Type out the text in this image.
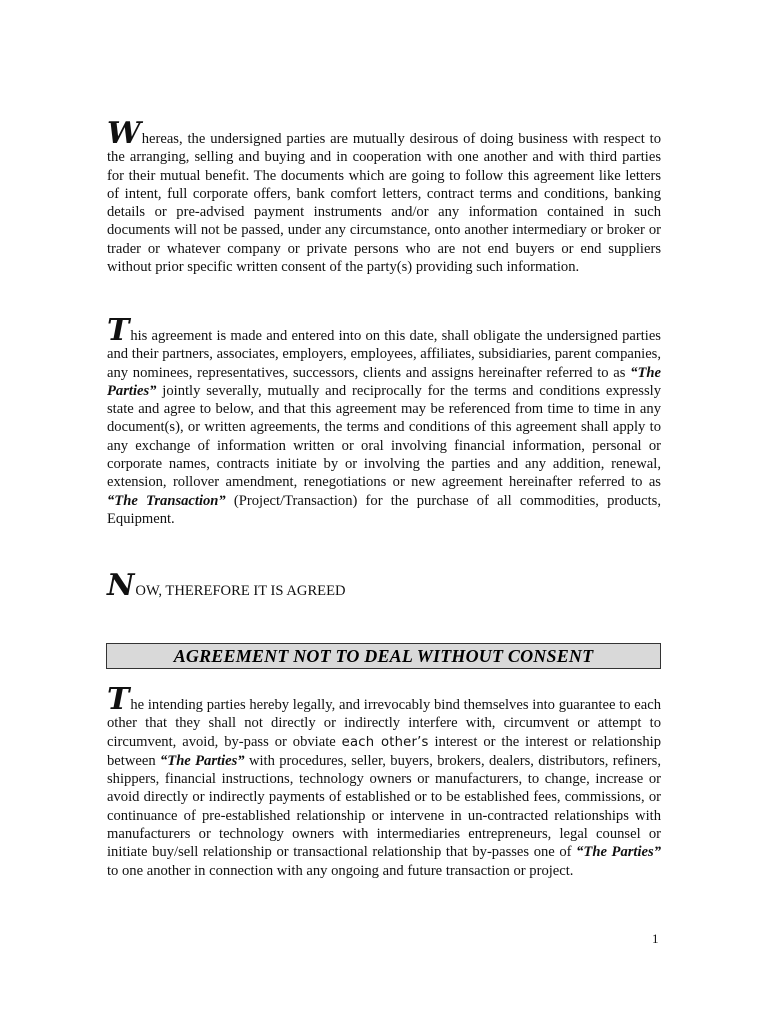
Whereas, the undersigned parties are mutually desirous of doing business with respect to the arranging, selling and buying and in cooperation with one another and with third parties for their mutual benefit. The documents which are going to follow this agreement like letters of intent, full corporate offers, bank comfort letters, contract terms and conditions, banking details or pre-advised payment instruments and/or any information contained in such documents will not be passed, under any circumstance, onto another intermediary or broker or trader or whatever company or private persons who are not end buyers or end suppliers without prior specific written consent of the party(s) providing such information.

This agreement is made and entered into on this date, shall obligate the undersigned parties and their partners, associates, employers, employees, affiliates, subsidiaries, parent companies, any nominees, representatives, successors, clients and assigns hereinafter referred to as “The Parties” jointly severally, mutually and reciprocally for the terms and conditions expressly state and agree to below, and that this agreement may be referenced from time to time in any document(s), or written agreements, the terms and conditions of this agreement shall apply to any exchange of information written or oral involving financial information, personal or corporate names, contracts initiate by or involving the parties and any addition, renewal, extension, rollover amendment, renegotiations or new agreement hereinafter referred to as “The Transaction” (Project/Transaction) for the purchase of all commodities, products, Equipment.

NOW, THEREFORE IT IS AGREED

AGREEMENT NOT TO DEAL WITHOUT CONSENT

The intending parties hereby legally, and irrevocably bind themselves into guarantee to each other that they shall not directly or indirectly interfere with, circumvent or attempt to circumvent, avoid, by-pass or obviate each other’s interest or the interest or relationship between “The Parties” with procedures, seller, buyers, brokers, dealers, distributors, refiners, shippers, financial instructions, technology owners or manufacturers, to change, increase or avoid directly or indirectly payments of established or to be established fees, commissions, or continuance of pre-established relationship or intervene in un-contracted relationships with manufacturers or technology owners with intermediaries entrepreneurs, legal counsel or initiate buy/sell relationship or transactional relationship that by-passes one of “The Parties” to one another in connection with any ongoing and future transaction or project.

1
